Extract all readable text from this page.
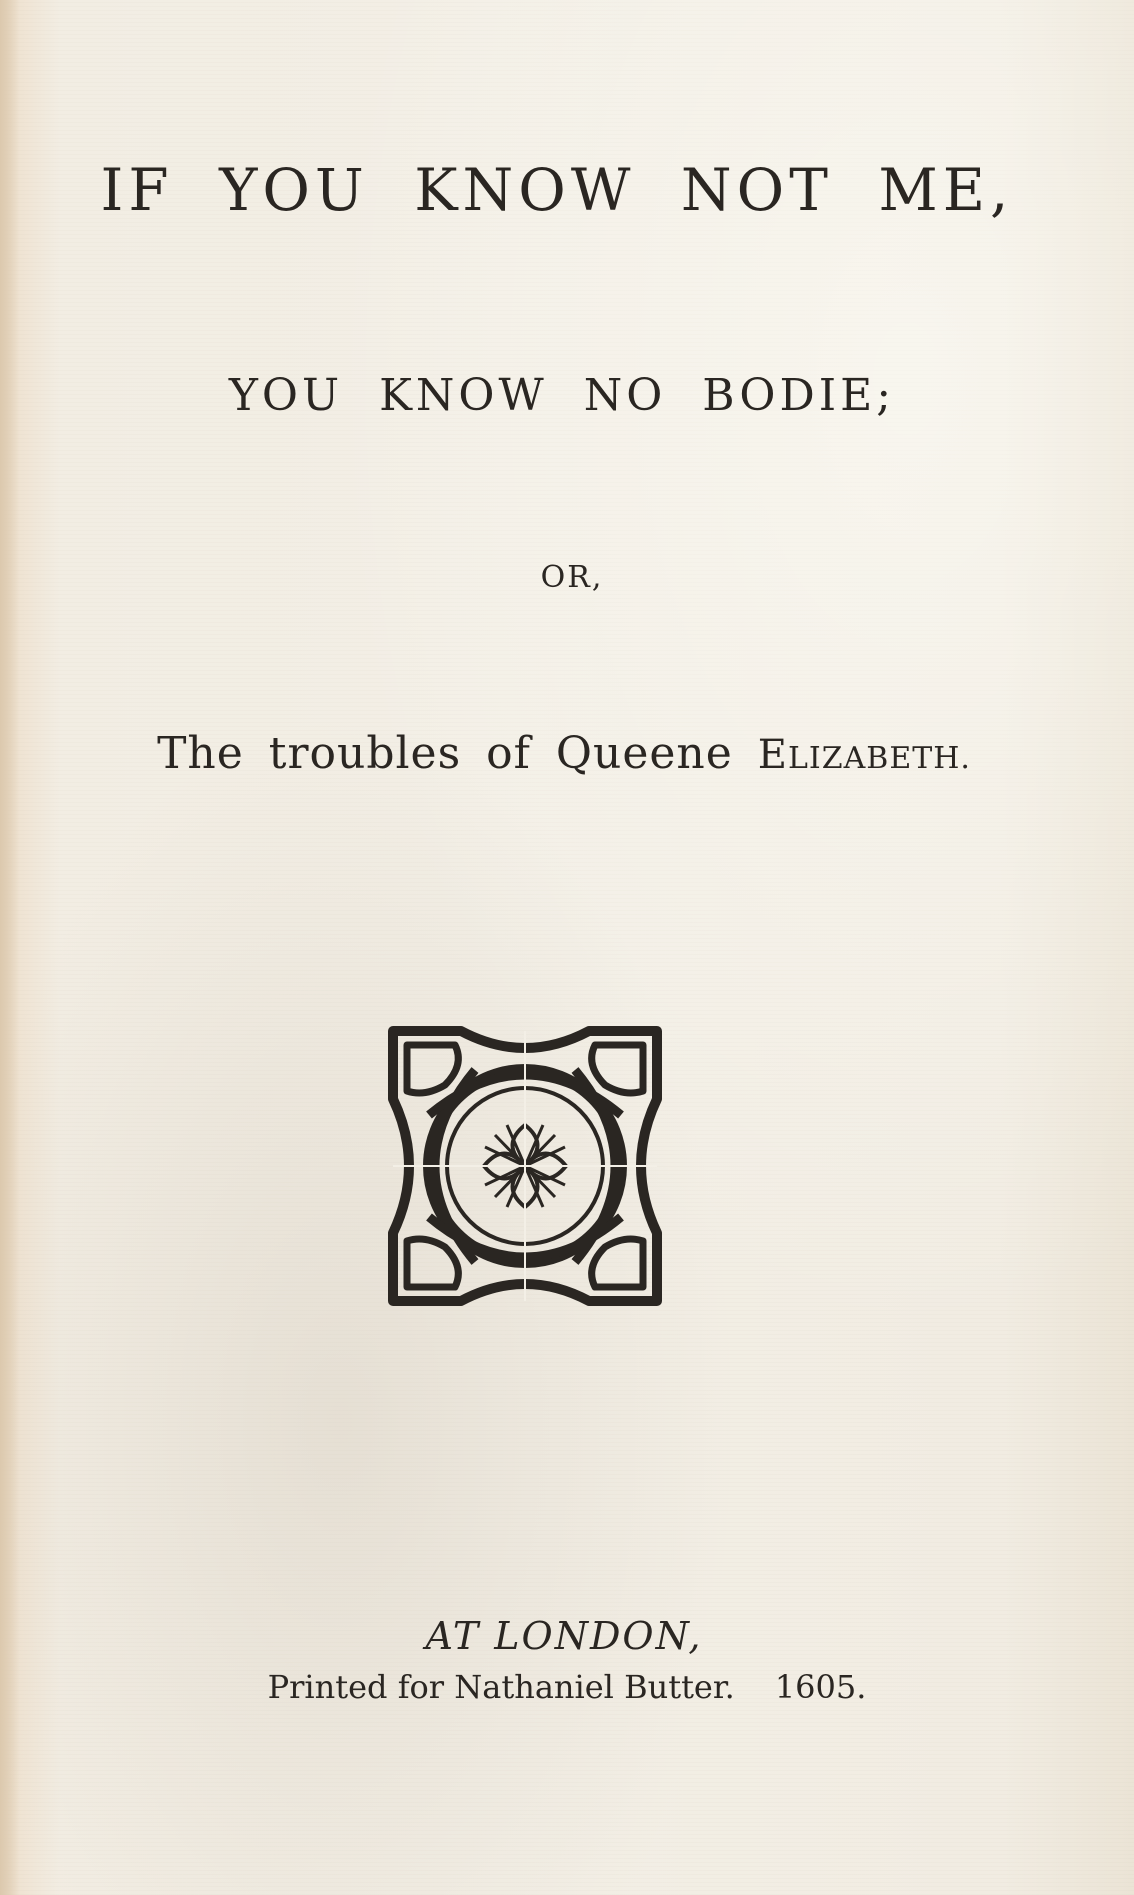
IF YOU KNOW NOT ME,
YOU KNOW NO BODIE;
OR,
The troubles of Queene ELIZABETH.
AT LONDON,
Printed for Nathaniel Butter. 1605.
